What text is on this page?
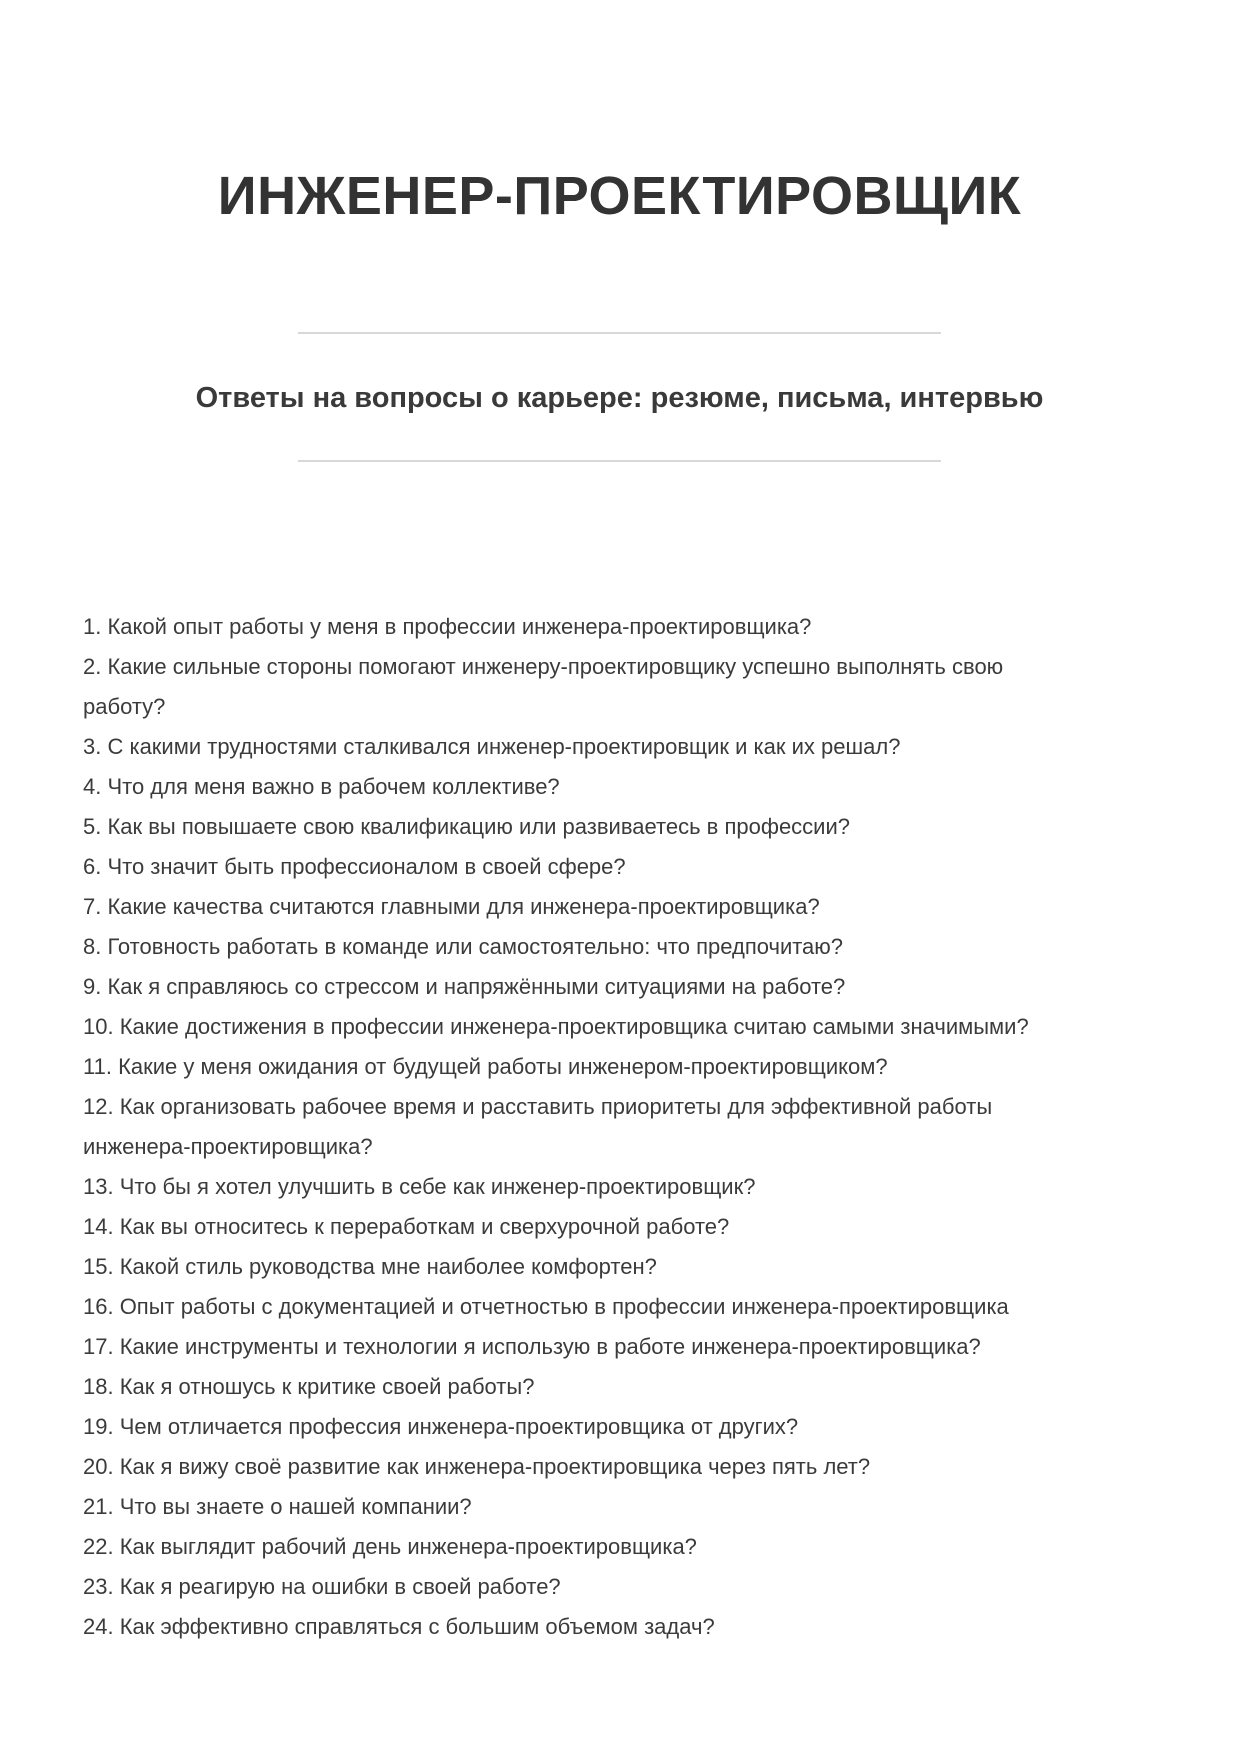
ИНЖЕНЕР-ПРОЕКТИРОВЩИК
Ответы на вопросы о карьере: резюме, письма, интервью

1. Какой опыт работы у меня в профессии инженера-проектировщика?

2. Какие сильные стороны помогают инженеру-проектировщику успешно выполнять свою работу?

3. С какими трудностями сталкивался инженер-проектировщик и как их решал?

4. Что для меня важно в рабочем коллективе?

5. Как вы повышаете свою квалификацию или развиваетесь в профессии?

6. Что значит быть профессионалом в своей сфере?

7. Какие качества считаются главными для инженера-проектировщика?

8. Готовность работать в команде или самостоятельно: что предпочитаю?

9. Как я справляюсь со стрессом и напряжёнными ситуациями на работе?

10. Какие достижения в профессии инженера-проектировщика считаю самыми значимыми?

11. Какие у меня ожидания от будущей работы инженером-проектировщиком?

12. Как организовать рабочее время и расставить приоритеты для эффективной работы инженера-проектировщика?

13. Что бы я хотел улучшить в себе как инженер-проектировщик?

14. Как вы относитесь к переработкам и сверхурочной работе?

15. Какой стиль руководства мне наиболее комфортен?

16. Опыт работы с документацией и отчетностью в профессии инженера-проектировщика

17. Какие инструменты и технологии я использую в работе инженера-проектировщика?

18. Как я отношусь к критике своей работы?

19. Чем отличается профессия инженера-проектировщика от других?

20. Как я вижу своё развитие как инженера-проектировщика через пять лет?

21. Что вы знаете о нашей компании?

22. Как выглядит рабочий день инженера-проектировщика?

23. Как я реагирую на ошибки в своей работе?

24. Как эффективно справляться с большим объемом задач?
